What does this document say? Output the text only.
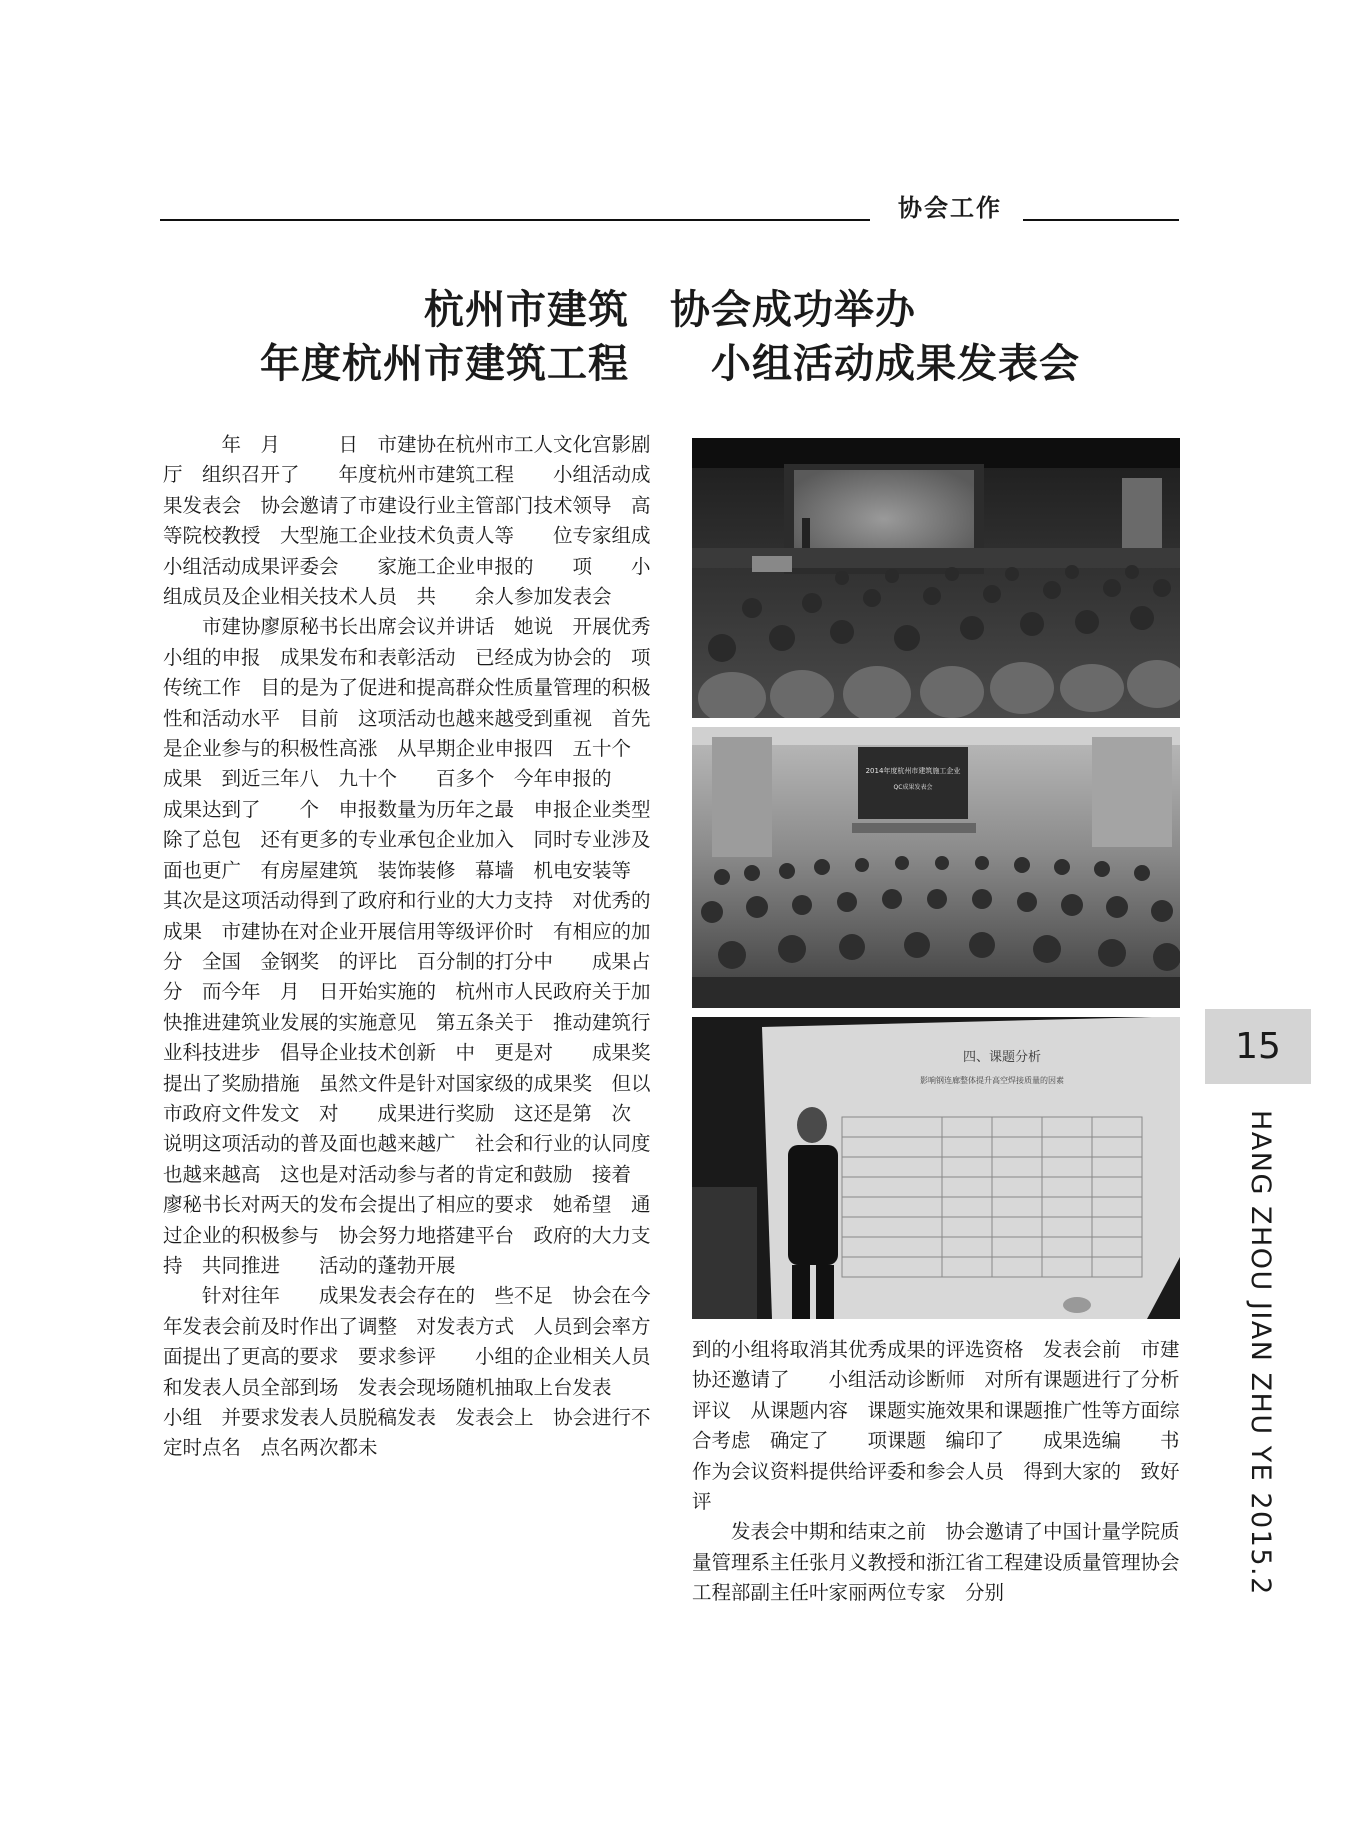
协会工作
杭州市建筑　协会成功举办
年度杭州市建筑工程　　小组活动成果发表会

　　　年　月　　　日　市建协在杭州市工人文化宫影剧厅　组织召开了　　年度杭州市建筑工程　　小组活动成果发表会　协会邀请了市建设行业主管部门技术领导　高等院校教授　大型施工企业技术负责人等　　位专家组成　　小组活动成果评委会　　家施工企业申报的　　项　　小组成员及企业相关技术人员　共　　余人参加发表会

　　市建协廖原秘书长出席会议并讲话　她说　开展优秀　　小组的申报　成果发布和表彰活动　已经成为协会的　项传统工作　目的是为了促进和提高群众性质量管理的积极性和活动水平　目前　这项活动也越来越受到重视　首先是企业参与的积极性高涨　从早期企业申报四　五十个　　成果　到近三年八　九十个　　百多个　今年申报的　　成果达到了　　个　申报数量为历年之最　申报企业类型除了总包　还有更多的专业承包企业加入　同时专业涉及面也更广　有房屋建筑　装饰装修　幕墙　机电安装等　其次是这项活动得到了政府和行业的大力支持　对优秀的　　成果　市建协在对企业开展信用等级评价时　有相应的加分　全国　金钢奖　的评比　百分制的打分中　　成果占　分　而今年　月　日开始实施的　杭州市人民政府关于加快推进建筑业发展的实施意见　第五条关于　推动建筑行业科技进步　倡导企业技术创新　中　更是对　　成果奖提出了奖励措施　虽然文件是针对国家级的成果奖　但以市政府文件发文　对　　成果进行奖励　这还是第　次　说明这项活动的普及面也越来越广　社会和行业的认同度也越来越高　这也是对活动参与者的肯定和鼓励　接着　廖秘书长对两天的发布会提出了相应的要求　她希望　通过企业的积极参与　协会努力地搭建平台　政府的大力支持　共同推进　　活动的蓬勃开展

　　针对往年　　成果发表会存在的　些不足　协会在今年发表会前及时作出了调整　对发表方式　人员到会率方面提出了更高的要求　要求参评　　小组的企业相关人员和发表人员全部到场　发表会现场随机抽取上台发表　　小组　并要求发表人员脱稿发表　发表会上　协会进行不定时点名　点名两次都未

2014年度杭州市建筑施工企业
QC成果发表会
四、课题分析
影响钢连廊整体提升高空焊接质量的因素

到的小组将取消其优秀成果的评选资格　发表会前　市建协还邀请了　　小组活动诊断师　对所有课题进行了分析　评议　从课题内容　课题实施效果和课题推广性等方面综合考虑　确定了　　项课题　编印了　　成果选编　　书　作为会议资料提供给评委和参会人员　得到大家的　致好评

　　发表会中期和结束之前　协会邀请了中国计量学院质量管理系主任张月义教授和浙江省工程建设质量管理协会工程部副主任叶家丽两位专家　分别

15
HANG ZHOU JIAN ZHU YE 2015.2
